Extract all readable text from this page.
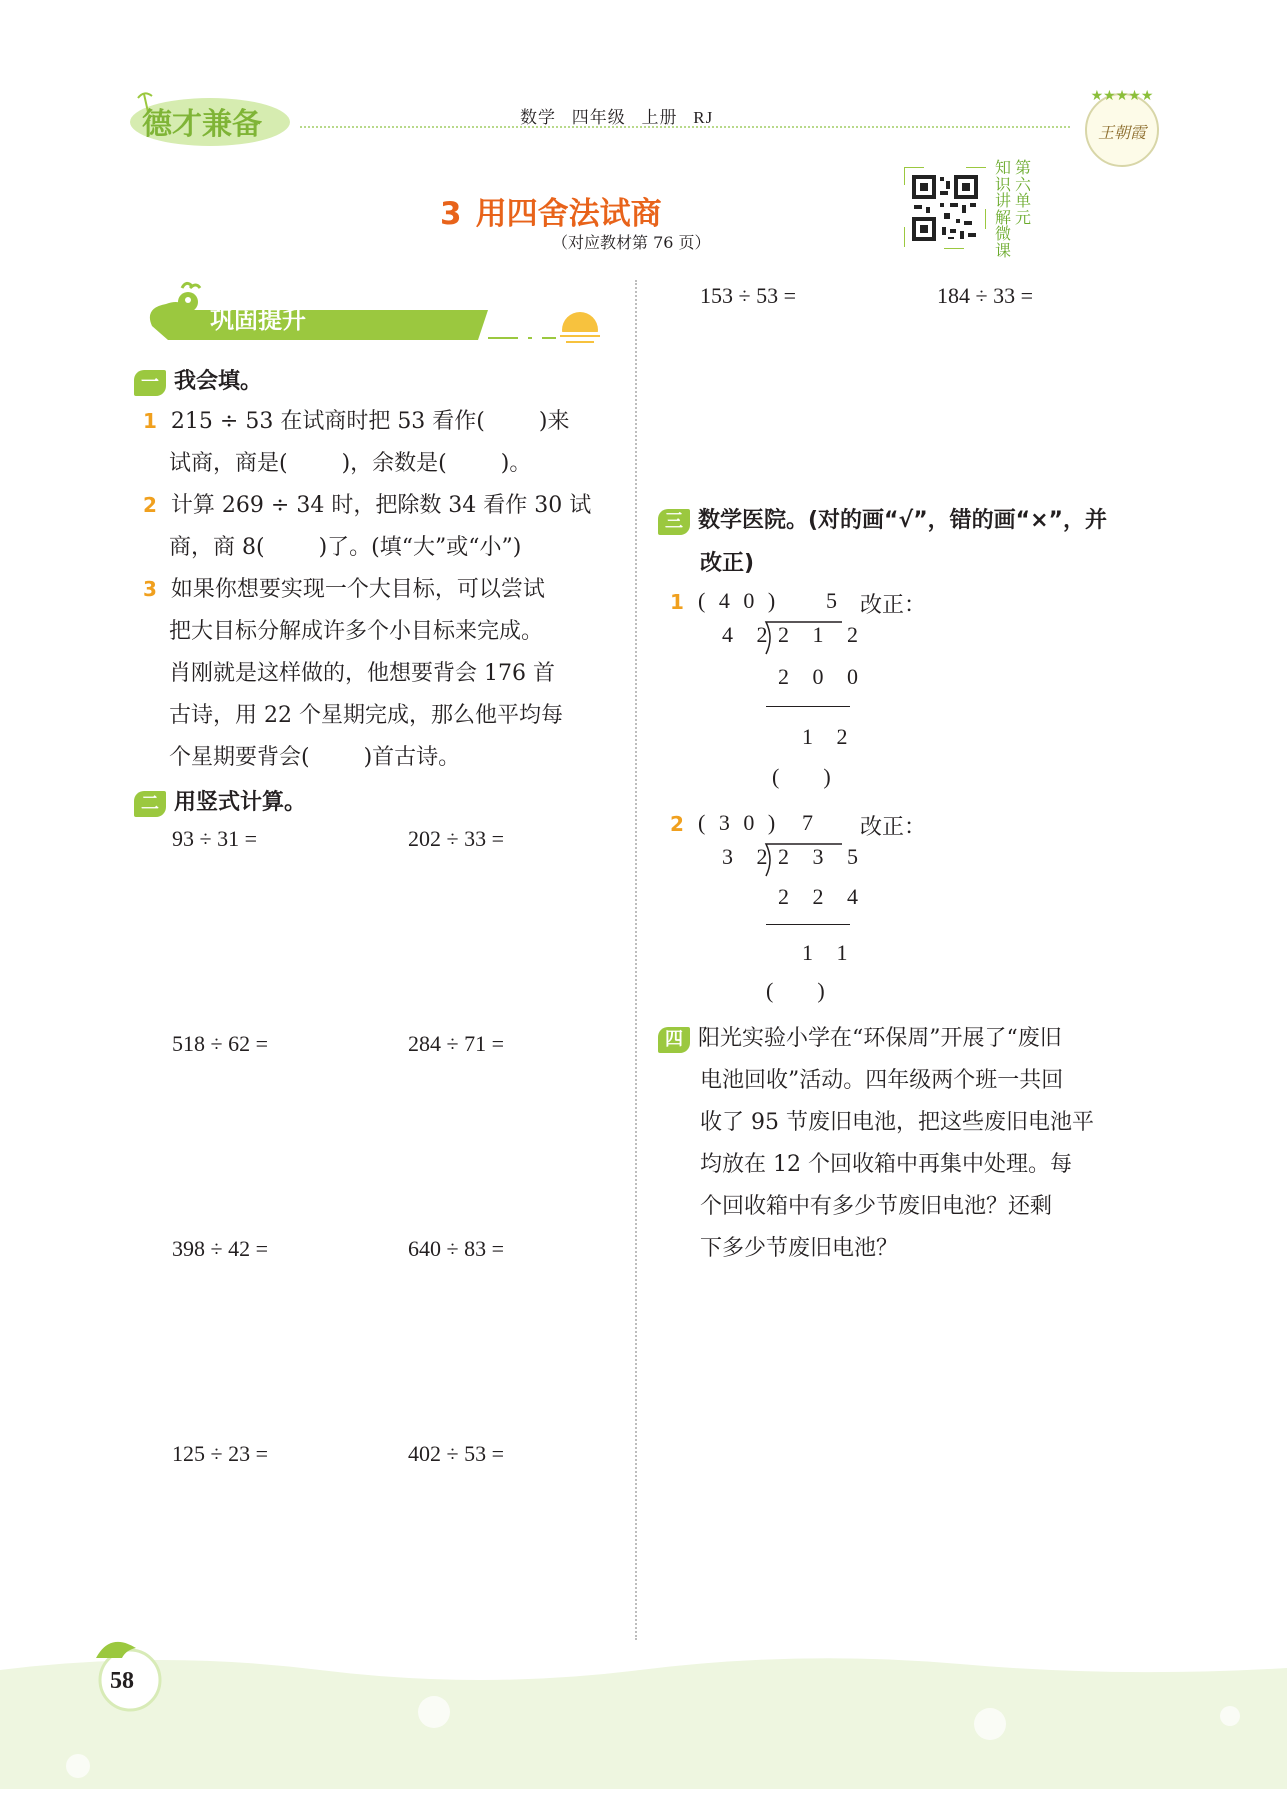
德才兼备	数学   四年级   上册   RJ
★★★★★
王朝霞
3 用四舍法试商
（对应教材第 76 页）
知识讲解微课
第六单元
巩固提升
一 我会填。
1 215 ÷ 53 在试商时把 53 看作( )来
试商，商是( )，余数是( )。
2 计算 269 ÷ 34 时，把除数 34 看作 30 试
商，商 8( )了。(填“大”或“小”)
3 如果你想要实现一个大目标，可以尝试
把大目标分解成许多个小目标来完成。
肖刚就是这样做的，他想要背会 176 首
古诗，用 22 个星期完成，那么他平均每
个星期要背会( )首古诗。
二 用竖式计算。
93 ÷ 31 =	202 ÷ 33 =
518 ÷ 62 =	284 ÷ 71 =
398 ÷ 42 =	640 ÷ 83 =
125 ÷ 23 =	402 ÷ 53 =
153 ÷ 53 =	184 ÷ 33 =
三 数学医院。(对的画“√”，错的画“×”，并
改正)
1 ( 4 0 ) 5 改正：
4 2 2 1 2
2 0 0
1 2
(        )
2 ( 3 0 ) 7 改正：
3 2 2 3 5
2 2 4
1 1
(        )
四 阳光实验小学在“环保周”开展了“废旧
电池回收”活动。四年级两个班一共回
收了 95 节废旧电池，把这些废旧电池平
均放在 12 个回收箱中再集中处理。每
个回收箱中有多少节废旧电池？还剩
下多少节废旧电池？
58
